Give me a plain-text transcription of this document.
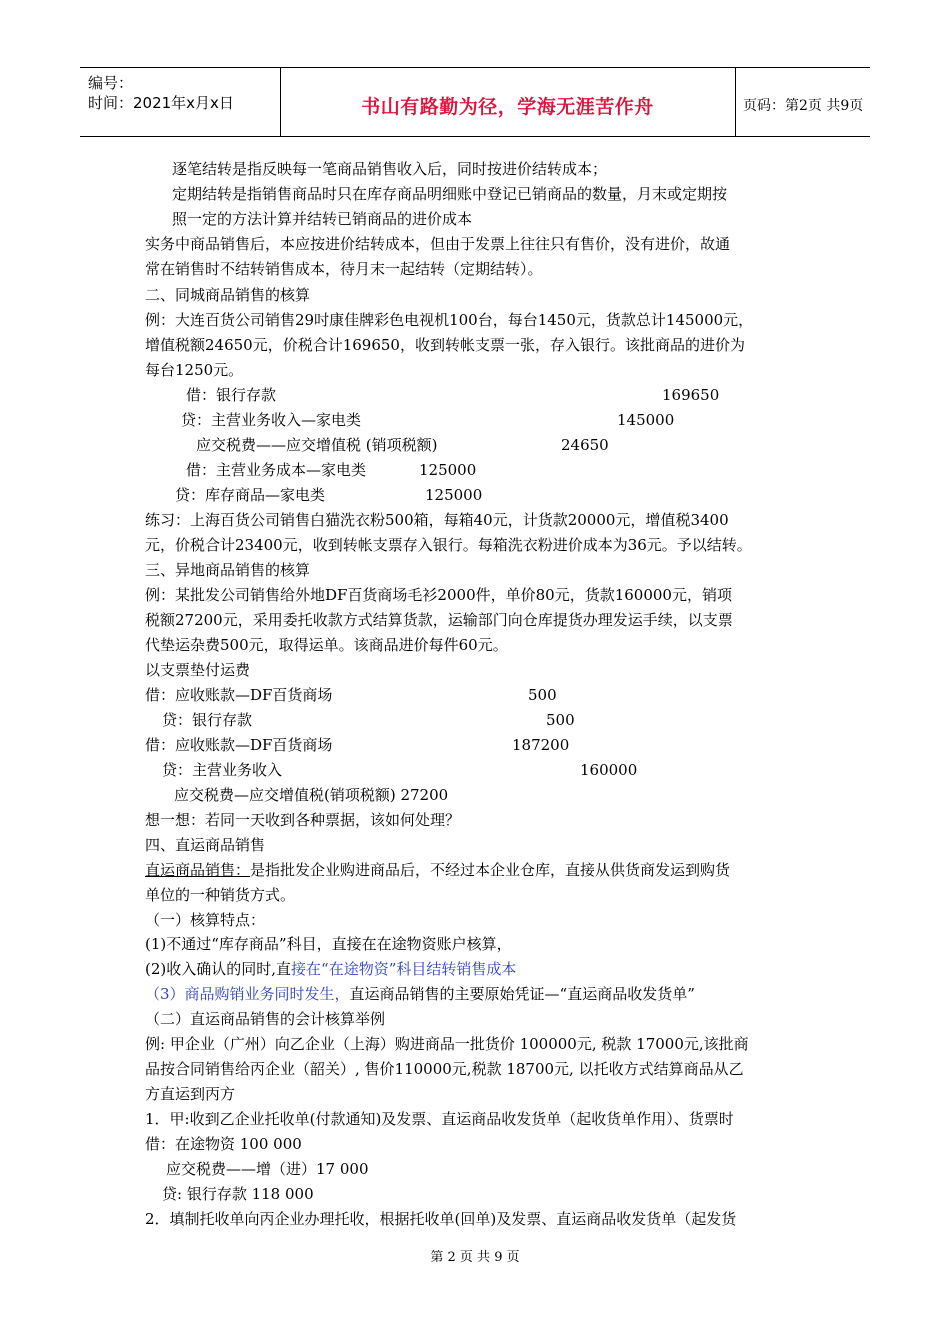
编号：
时间：2021年x月x日	书山有路勤为径，学海无涯苦作舟	页码：第2页 共9页
逐笔结转是指反映每一笔商品销售收入后，同时按进价结转成本；
定期结转是指销售商品时只在库存商品明细账中登记已销商品的数量，月末或定期按
照一定的方法计算并结转已销商品的进价成本
实务中商品销售后，本应按进价结转成本，但由于发票上往往只有售价，没有进价，故通
常在销售时不结转销售成本，待月末一起结转（定期结转）。
二、同城商品销售的核算
例：大连百货公司销售29吋康佳牌彩色电视机100台，每台1450元，货款总计145000元，
增值税额24650元，价税合计169650，收到转帐支票一张，存入银行。该批商品的进价为
每台1250元。
借：银行存款	169650
贷：主营业务收入—家电类	145000
应交税费——应交增值税 (销项税额)	24650
借：主营业务成本—家电类	125000
贷：库存商品—家电类	125000
练习：上海百货公司销售白猫洗衣粉500箱，每箱40元，计货款20000元，增值税3400
元，价税合计23400元，收到转帐支票存入银行。每箱洗衣粉进价成本为36元。予以结转。
三、异地商品销售的核算
例：某批发公司销售给外地DF百货商场毛衫2000件，单价80元，货款160000元，销项
税额27200元，采用委托收款方式结算货款，运输部门向仓库提货办理发运手续，以支票
代垫运杂费500元，取得运单。该商品进价每件60元。
以支票垫付运费
借：应收账款—DF百货商场	500
贷：银行存款	500
借：应收账款—DF百货商场	187200
贷：主营业务收入	160000
应交税费—应交增值税(销项税额) 27200
想一想：若同一天收到各种票据，该如何处理？
四、直运商品销售
直运商品销售：是指批发企业购进商品后，不经过本企业仓库，直接从供货商发运到购货
单位的一种销货方式。
（一）核算特点：
(1)不通过“库存商品”科目，直接在在途物资账户核算，
(2)收入确认的同时,直接在“在途物资”科目结转销售成本
（3）商品购销业务同时发生，直运商品销售的主要原始凭证—“直运商品收发货单”
（二）直运商品销售的会计核算举例
例: 甲企业（广州）向乙企业（上海）购进商品一批货价 100000元, 税款 17000元,该批商
品按合同销售给丙企业（韶关）, 售价110000元,税款 18700元, 以托收方式结算商品从乙
方直运到丙方
1．甲:收到乙企业托收单(付款通知)及发票、直运商品收发货单（起收货单作用）、货票时
借：在途物资 100 000
应交税费——增（进）17 000
贷: 银行存款 118 000
2．填制托收单向丙企业办理托收，根据托收单(回单)及发票、直运商品收发货单（起发货
第 2 页 共 9 页
